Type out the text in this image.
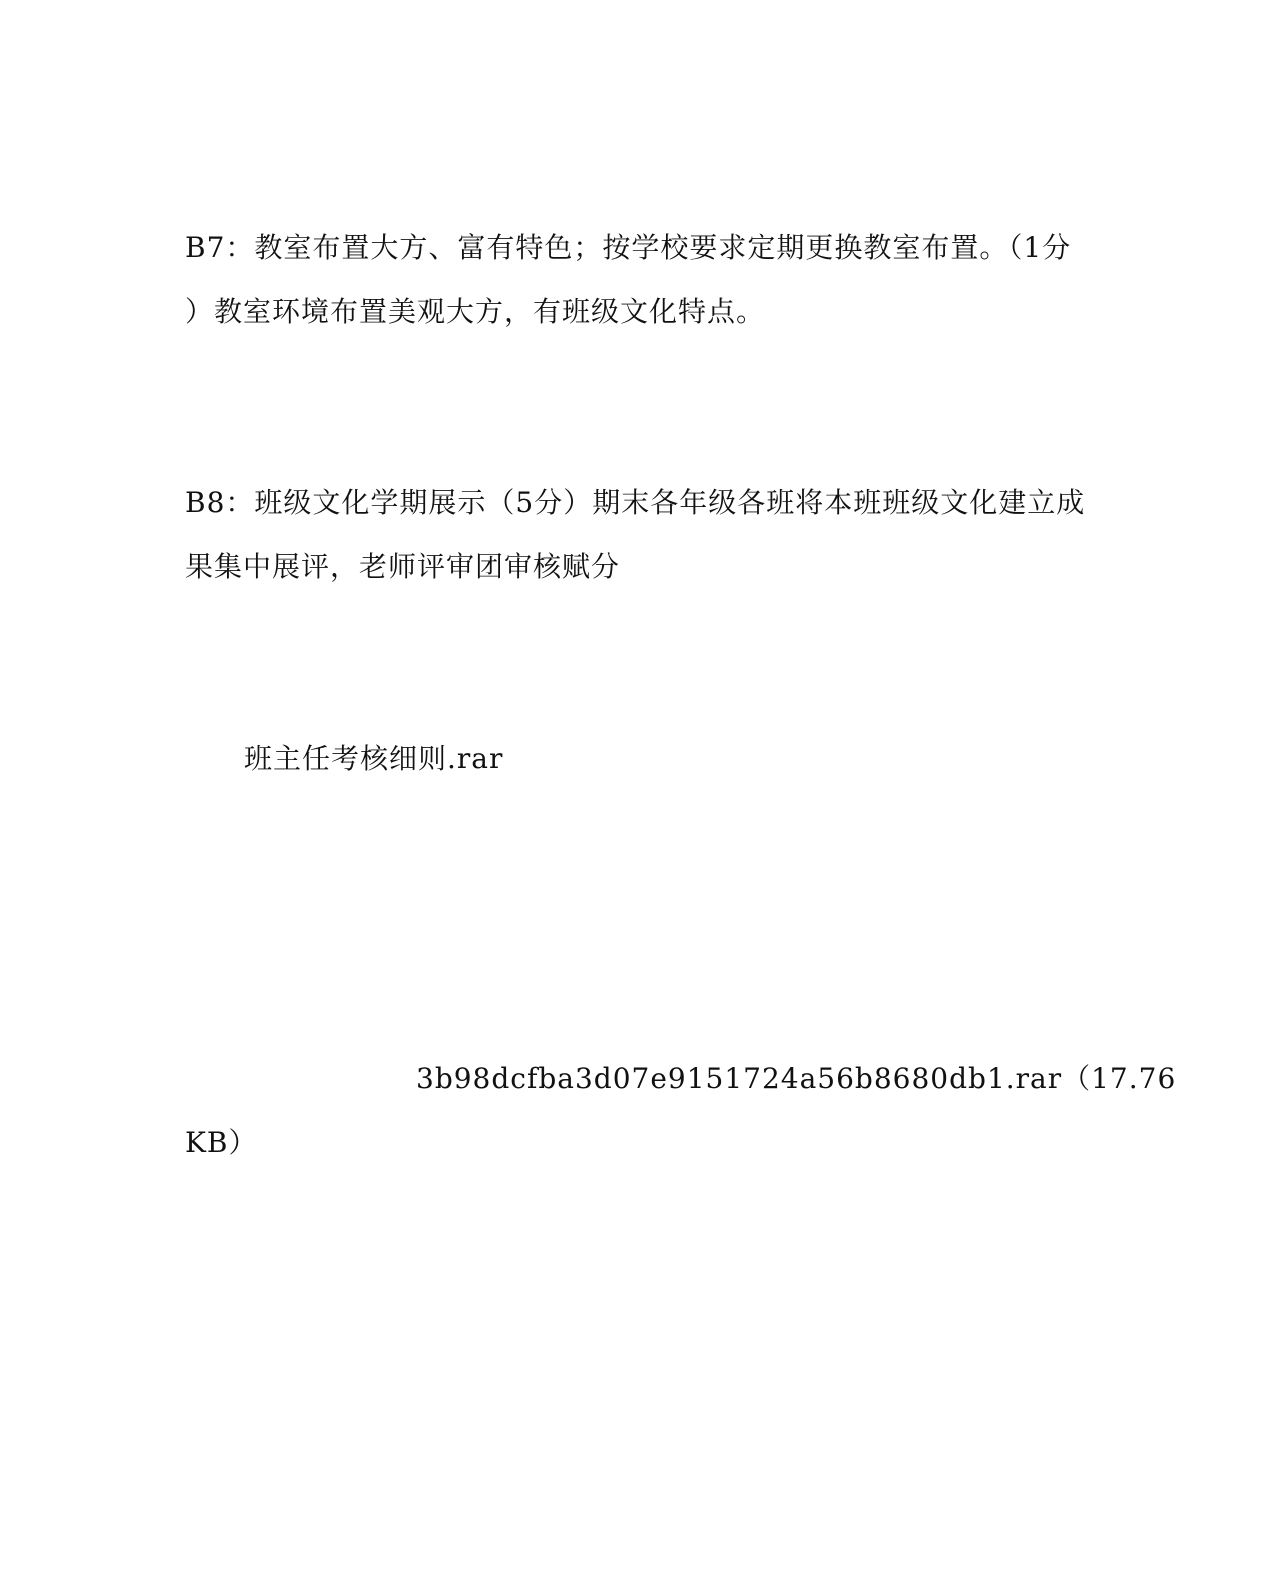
B7：教室布置大方、富有特色；按学校要求定期更换教室布置。（1分
）教室环境布置美观大方，有班级文化特点。
B8：班级文化学期展示（5分）期末各年级各班将本班班级文化建立成
果集中展评，老师评审团审核赋分
班主任考核细则.rar
3b98dcfba3d07e9151724a56b8680db1.rar（17.76
KB）
